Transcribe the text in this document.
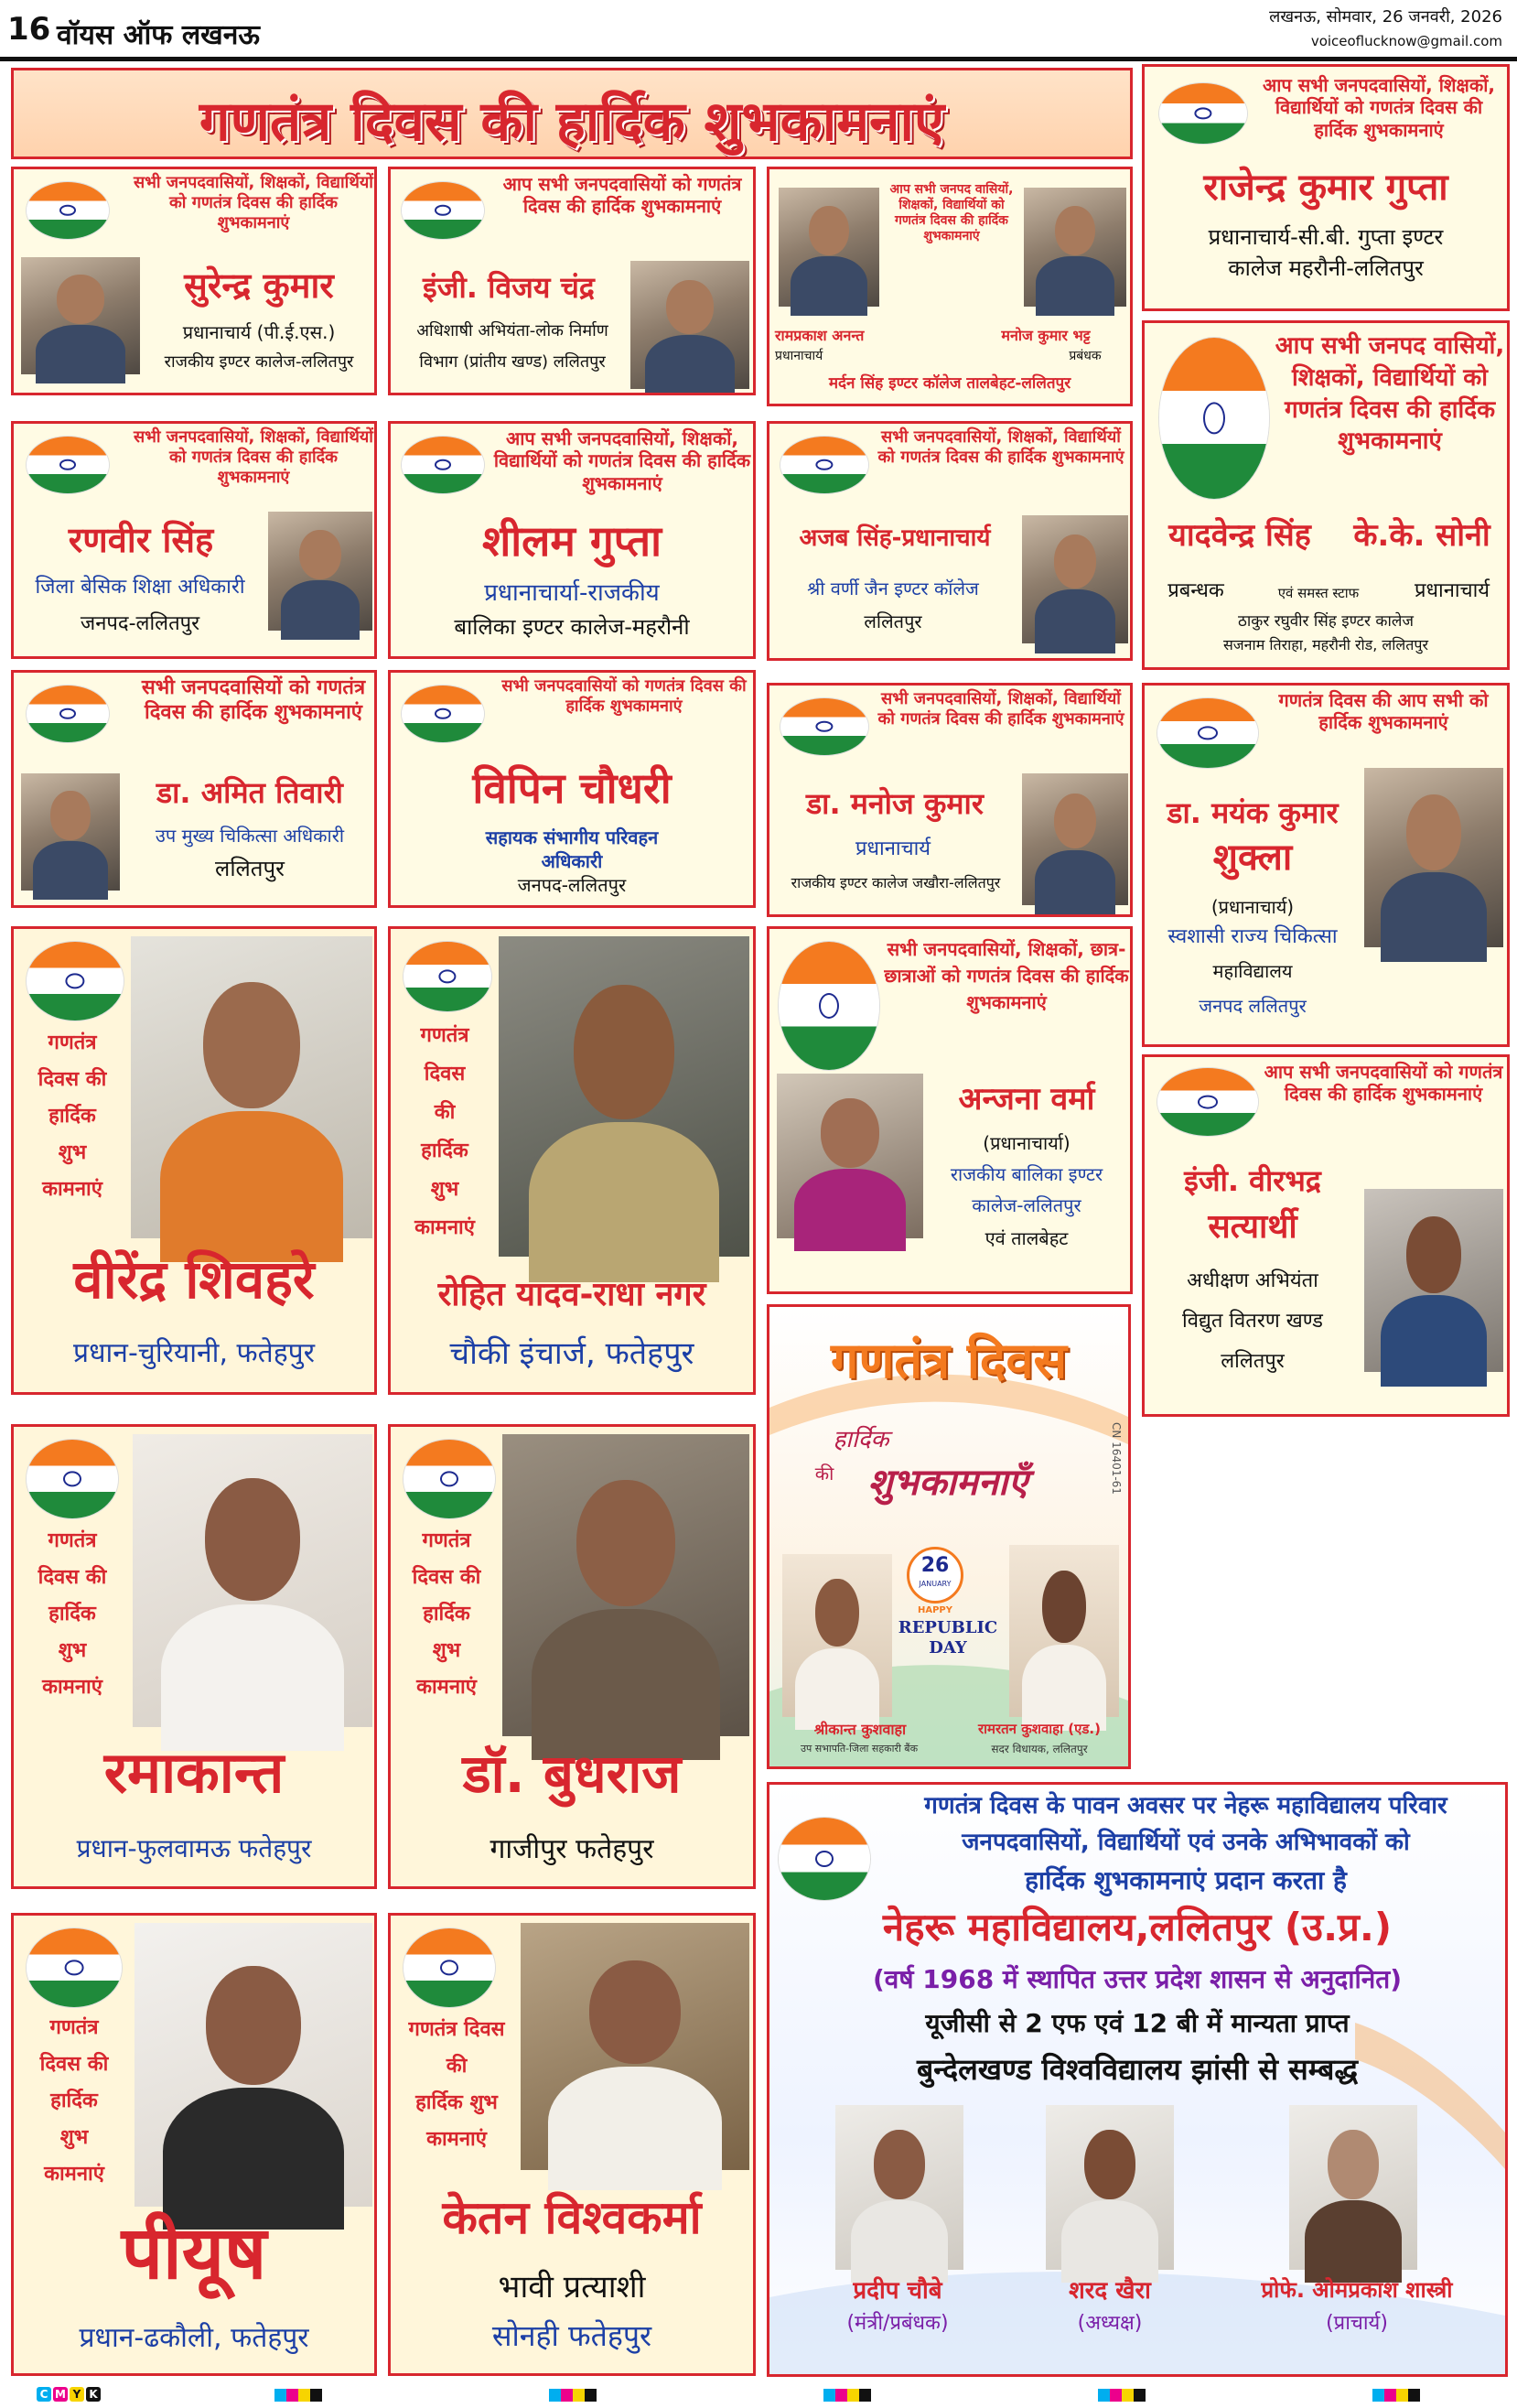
16 वॉयस ऑफ लखनऊ
लखनऊ, सोमवार, 26 जनवरी, 2026
voiceoflucknow@gmail.com
गणतंत्र दिवस की हार्दिक शुभकामनाएं
आप सभी जनपदवासियों, शिक्षकों, विद्यार्थियों को गणतंत्र दिवस की हार्दिक शुभकामनाएं
राजेन्द्र कुमार गुप्ता
प्रधानाचार्य-सी.बी. गुप्ता इण्टर
कालेज महरौनी-ललितपुर
सभी जनपदवासियों, शिक्षकों, विद्यार्थियों को गणतंत्र दिवस की हार्दिक शुभकामनाएं
सुरेन्द्र कुमार
प्रधानाचार्य (पी.ई.एस.)
राजकीय इण्टर कालेज-ललितपुर
आप सभी जनपदवासियों को गणतंत्र दिवस की हार्दिक शुभकामनाएं
इंजी. विजय चंद्र
अधिशाषी अभियंता-लोक निर्माण
विभाग (प्रांतीय खण्ड) ललितपुर
आप सभी जनपद वासियों, शिक्षकों, विद्यार्थियों को गणतंत्र दिवस की हार्दिक शुभकामनाएं
रामप्रकाश अनन्त
प्रधानाचार्य
मनोज कुमार भट्ट
प्रबंधक
मर्दन सिंह इण्टर कॉलेज तालबेहट-ललितपुर
आप सभी जनपद वासियों, शिक्षकों, विद्यार्थियों को गणतंत्र दिवस की हार्दिक शुभकामनाएं
यादवेन्द्र सिंह	के.के. सोनी
प्रबन्धक	एवं समस्त स्टाफ	प्रधानाचार्य
ठाकुर रघुवीर सिंह इण्टर कालेज
सजनाम तिराहा, महरौनी रोड, ललितपुर
सभी जनपदवासियों, शिक्षकों, विद्यार्थियों को गणतंत्र दिवस की हार्दिक शुभकामनाएं
रणवीर सिंह
जिला बेसिक शिक्षा अधिकारी
जनपद-ललितपुर
आप सभी जनपदवासियों, शिक्षकों, विद्यार्थियों को गणतंत्र दिवस की हार्दिक शुभकामनाएं
शीलम गुप्ता
प्रधानाचार्या-राजकीय
बालिका इण्टर कालेज-महरौनी
सभी जनपदवासियों, शिक्षकों, विद्यार्थियों को गणतंत्र दिवस की हार्दिक शुभकामनाएं
अजब सिंह-प्रधानाचार्य
श्री वर्णी जैन इण्टर कॉलेज
ललितपुर
सभी जनपदवासियों को गणतंत्र दिवस की हार्दिक शुभकामनाएं
डा. अमित तिवारी
उप मुख्य चिकित्सा अधिकारी
ललितपुर
सभी जनपदवासियों को गणतंत्र दिवस की हार्दिक शुभकामनाएं
विपिन चौधरी
सहायक संभागीय परिवहन
अधिकारी
जनपद-ललितपुर
सभी जनपदवासियों, शिक्षकों, विद्यार्थियों को गणतंत्र दिवस की हार्दिक शुभकामनाएं
डा. मनोज कुमार
प्रधानाचार्य
राजकीय इण्टर कालेज जखौरा-ललितपुर
गणतंत्र दिवस की आप सभी को हार्दिक शुभकामनाएं
डा. मयंक कुमार
शुक्ला
(प्रधानाचार्य)
स्वशासी राज्य चिकित्सा
महाविद्यालय
जनपद ललितपुर
गणतंत्र
दिवस की
हार्दिक
शुभ
कामनाएं
वीरेंद्र शिवहरे
प्रधान-चुरियानी, फतेहपुर
गणतंत्र
दिवस
की
हार्दिक
शुभ
कामनाएं
रोहित यादव-राधा नगर
चौकी इंचार्ज, फतेहपुर
सभी जनपदवासियों, शिक्षकों, छात्र-छात्राओं को गणतंत्र दिवस की हार्दिक शुभकामनाएं
अन्जना वर्मा
(प्रधानाचार्या)
राजकीय बालिका इण्टर
कालेज-ललितपुर
एवं तालबेहट
आप सभी जनपदवासियों को गणतंत्र दिवस की हार्दिक शुभकामनाएं
इंजी. वीरभद्र
सत्यार्थी
अधीक्षण अभियंता
विद्युत वितरण खण्ड
ललितपुर
गणतंत्र दिवस
हार्दिक
की शुभकामनाएँ	CN 16401-61
26
JANUARY
HAPPY
REPUBLIC DAY
श्रीकान्त कुशवाहा
उप सभापति-जिला सहकारी बैंक
रामरतन कुशवाहा (एड.)
सदर विधायक, ललितपुर
गणतंत्र
दिवस की
हार्दिक
शुभ
कामनाएं
रमाकान्त
प्रधान-फुलवामऊ फतेहपुर
गणतंत्र
दिवस की
हार्दिक
शुभ
कामनाएं
डॉ. बुधराज
गाजीपुर फतेहपुर
गणतंत्र दिवस के पावन अवसर पर नेहरू महाविद्यालय परिवार
जनपदवासियों, विद्यार्थियों एवं उनके अभिभावकों को
हार्दिक शुभकामनाएं प्रदान करता है
नेहरू महाविद्यालय,ललितपुर (उ.प्र.)
(वर्ष 1968 में स्थापित उत्तर प्रदेश शासन से अनुदानित)
यूजीसी से 2 एफ एवं 12 बी में मान्यता प्राप्त
बुन्देलखण्ड विश्वविद्यालय झांसी से सम्बद्ध
प्रदीप चौबे
(मंत्री/प्रबंधक)
शरद खैरा
(अध्यक्ष)
प्रोफे. ओमप्रकाश शास्त्री
(प्राचार्य)
गणतंत्र
दिवस की
हार्दिक
शुभ
कामनाएं
पीयूष
प्रधान-ढकौली, फतेहपुर
गणतंत्र दिवस
की
हार्दिक शुभ
कामनाएं
केतन विश्वकर्मा
भावी प्रत्याशी
सोनही फतेहपुर
C M Y K
